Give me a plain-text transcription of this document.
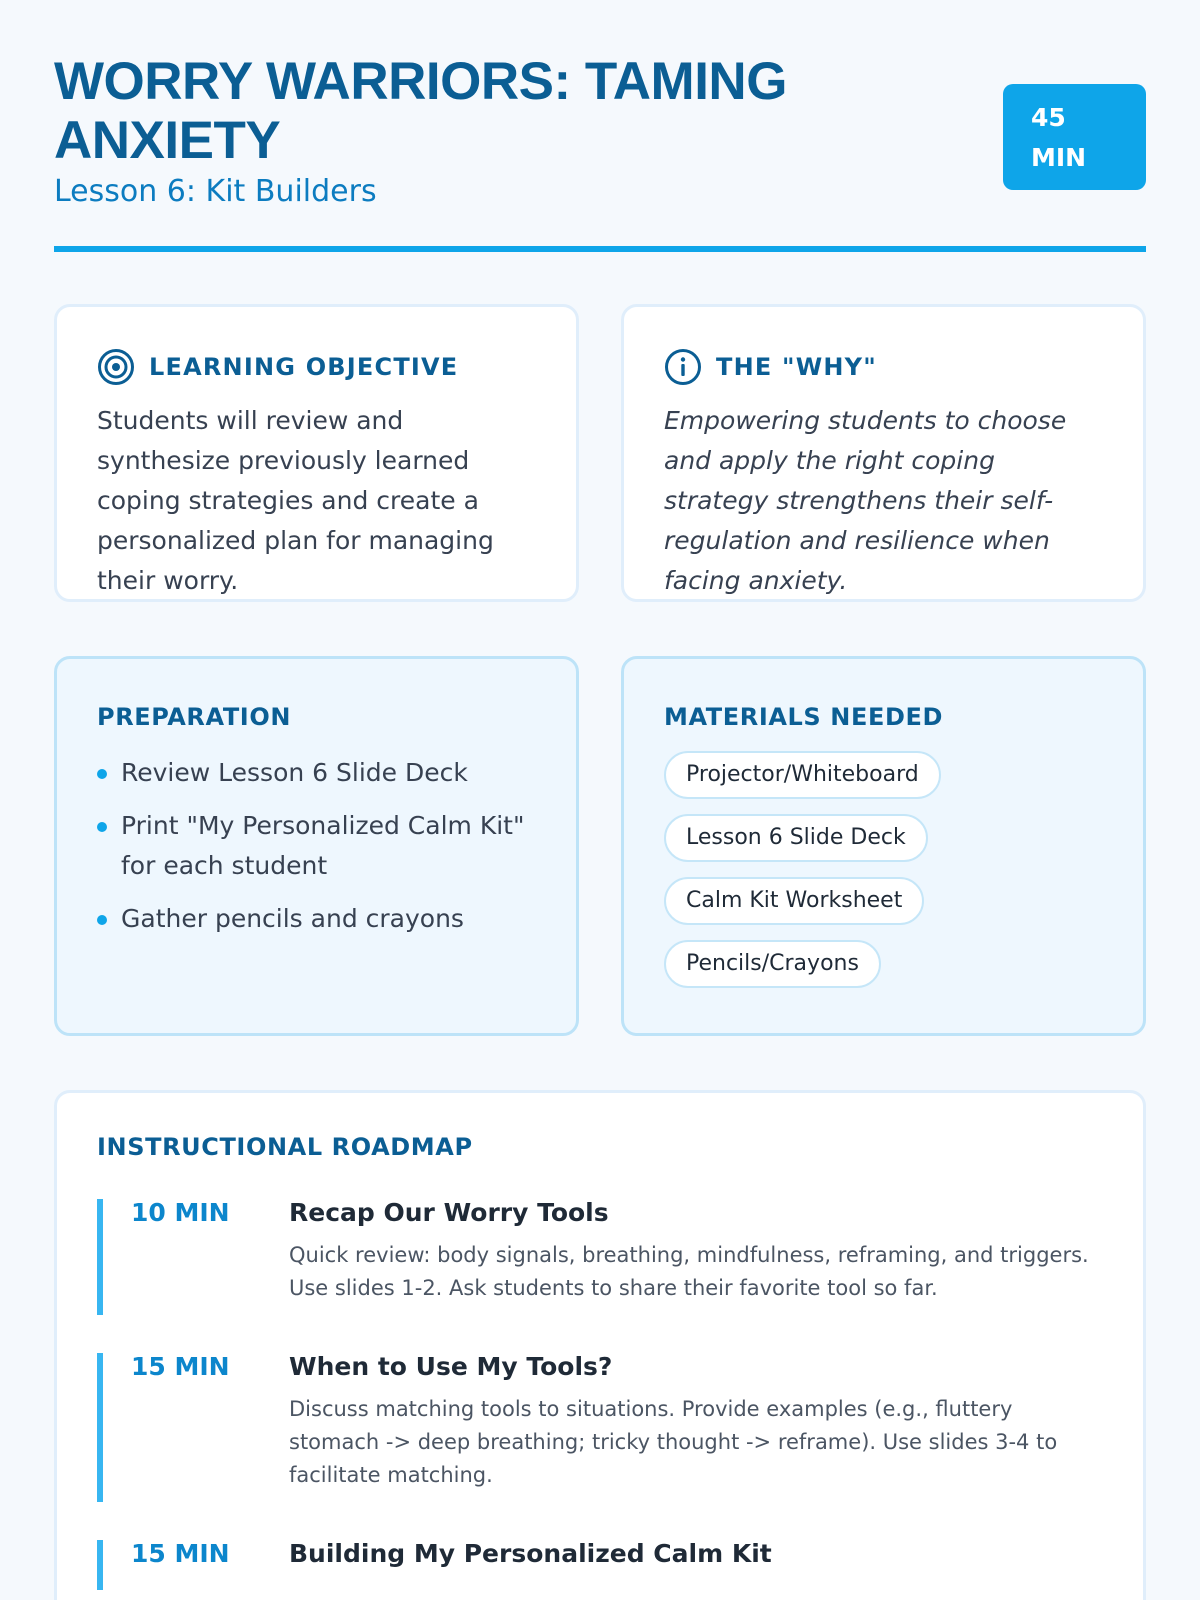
WORRY WARRIORS: TAMING ANXIETY
Lesson 6: Kit Builders
45 MIN
LEARNING OBJECTIVE

Students will review and synthesize previously learned coping strategies and create a personalized plan for managing their worry.

THE "WHY"

Empowering students to choose and apply the right coping strategy strengthens their self-regulation and resilience when facing anxiety.

PREPARATION
Review Lesson 6 Slide Deck
Print "My Personalized Calm Kit" for each student
Gather pencils and crayons
MATERIALS NEEDED
Projector/Whiteboard
Lesson 6 Slide Deck
Calm Kit Worksheet
Pencils/Crayons
INSTRUCTIONAL ROADMAP
10 MIN	Recap Our Worry Tools
Quick review: body signals, breathing, mindfulness, reframing, and triggers. Use slides 1-2. Ask students to share their favorite tool so far.
15 MIN	When to Use My Tools?
Discuss matching tools to situations. Provide examples (e.g., fluttery stomach -> deep breathing; tricky thought -> reframe). Use slides 3-4 to facilitate matching.
15 MIN	Building My Personalized Calm Kit
